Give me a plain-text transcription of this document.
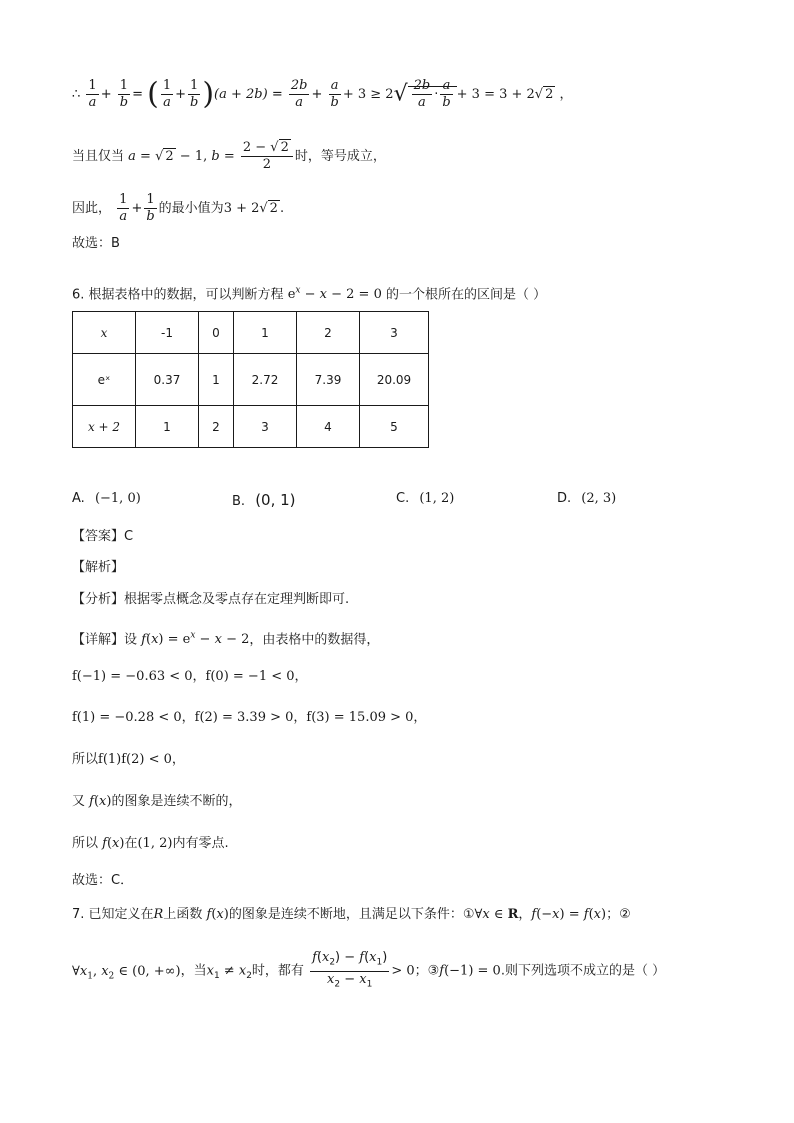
∴ $\frac{1}{a} + \frac{1}{b}$ = ( $\frac{1}{a} + \frac{1}{b} )(a + 2b) = \frac{2b}{a} + \frac{a}{b} + 3 \ge 2√ \frac{2b}{a} \cdot \frac{a}{b} + 3 = 3 + 2√$ 2 ，
当且仅当 a = √ 2 − 1, $b = \frac{2 - √ 2}{2}$ 时，等号成立，
因此， $\frac{1}{a} + \frac{1}{b}$ 的最小值为3 + 2√ 2 .
故选：B
6. 根据表格中的数据，可以判断方程 $e^x - x - 2 = 0$ 的一个根所在的区间是（ ）
x	-1	0	1	2	3
eˣ	0.37	1	2.72	7.39	20.09
x + 2	1	2	3	4	5
A. (−1, 0)	B. (0, 1)	C. (1, 2)	D. (2, 3)
【答案】C
【解析】
【分析】根据零点概念及零点存在定理判断即可.
【详解】设 $f(x) = e^x - x - 2$，由表格中的数据得，
f(−1) = −0.63 < 0，f(0) = −1 < 0，
f(1) = −0.28 < 0，f(2) = 3.39 > 0，f(3) = 15.09 > 0，
所以f(1)f(2) < 0，
又 f(x)的图象是连续不断的，
所以 f(x)在(1, 2)内有零点.
故选：C．
7. 已知定义在R上函数 f(x)的图象是连续不断地，且满足以下条件：①∀x ∈ R，f(−x) = f(x)；②
$\forall x_1$, $x_2$ ∈ (0, +∞)，当$x_1 \ne x_2$时，都有 $\frac{f(x_2) - f(x_1)}{x_2 - x_1} > 0$；③f(−1) = 0.则下列选项不成立的是（ ）
